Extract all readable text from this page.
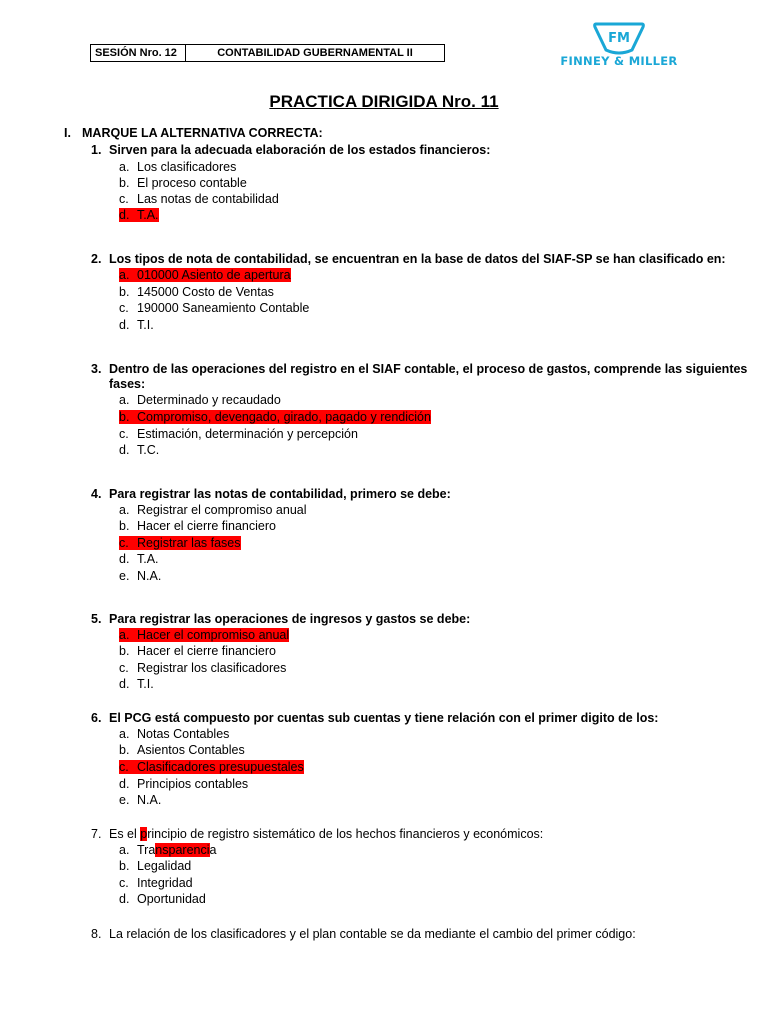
SESIÓN Nro. 12	CONTABILIDAD GUBERNAMENTAL II
FM
FINNEY & MILLER
PRACTICA DIRIGIDA Nro. 11
I. MARQUE LA ALTERNATIVA CORRECTA:
1. Sirven para la adecuada elaboración de los estados financieros:
a. Los clasificadores
b. El proceso contable
c. Las notas de contabilidad
d. T.A.
2. Los tipos de nota de contabilidad, se encuentran en la base de datos del SIAF-SP se han clasificado en:
a. 010000 Asiento de apertura
b. 145000 Costo de Ventas
c. 190000 Saneamiento Contable
d. T.I.
3. Dentro de las operaciones del registro en el SIAF contable, el proceso de gastos, comprende las siguientes
fases:
a. Determinado y recaudado
b. Compromiso, devengado, girado, pagado y rendición
c. Estimación, determinación y percepción
d. T.C.
4. Para registrar las notas de contabilidad, primero se debe:
a. Registrar el compromiso anual
b. Hacer el cierre financiero
c. Registrar las fases
d. T.A.
e. N.A.
5. Para registrar las operaciones de ingresos y gastos se debe:
a. Hacer el compromiso anual
b. Hacer el cierre financiero
c. Registrar los clasificadores
d. T.I.
6. El PCG está compuesto por cuentas sub cuentas y tiene relación con el primer digito de los:
a. Notas Contables
b. Asientos Contables
c. Clasificadores presupuestales
d. Principios contables
e. N.A.
7. Es el principio de registro sistemático de los hechos financieros y económicos:
a. Transparencia
b. Legalidad
c. Integridad
d. Oportunidad
8. La relación de los clasificadores y el plan contable se da mediante el cambio del primer código:
